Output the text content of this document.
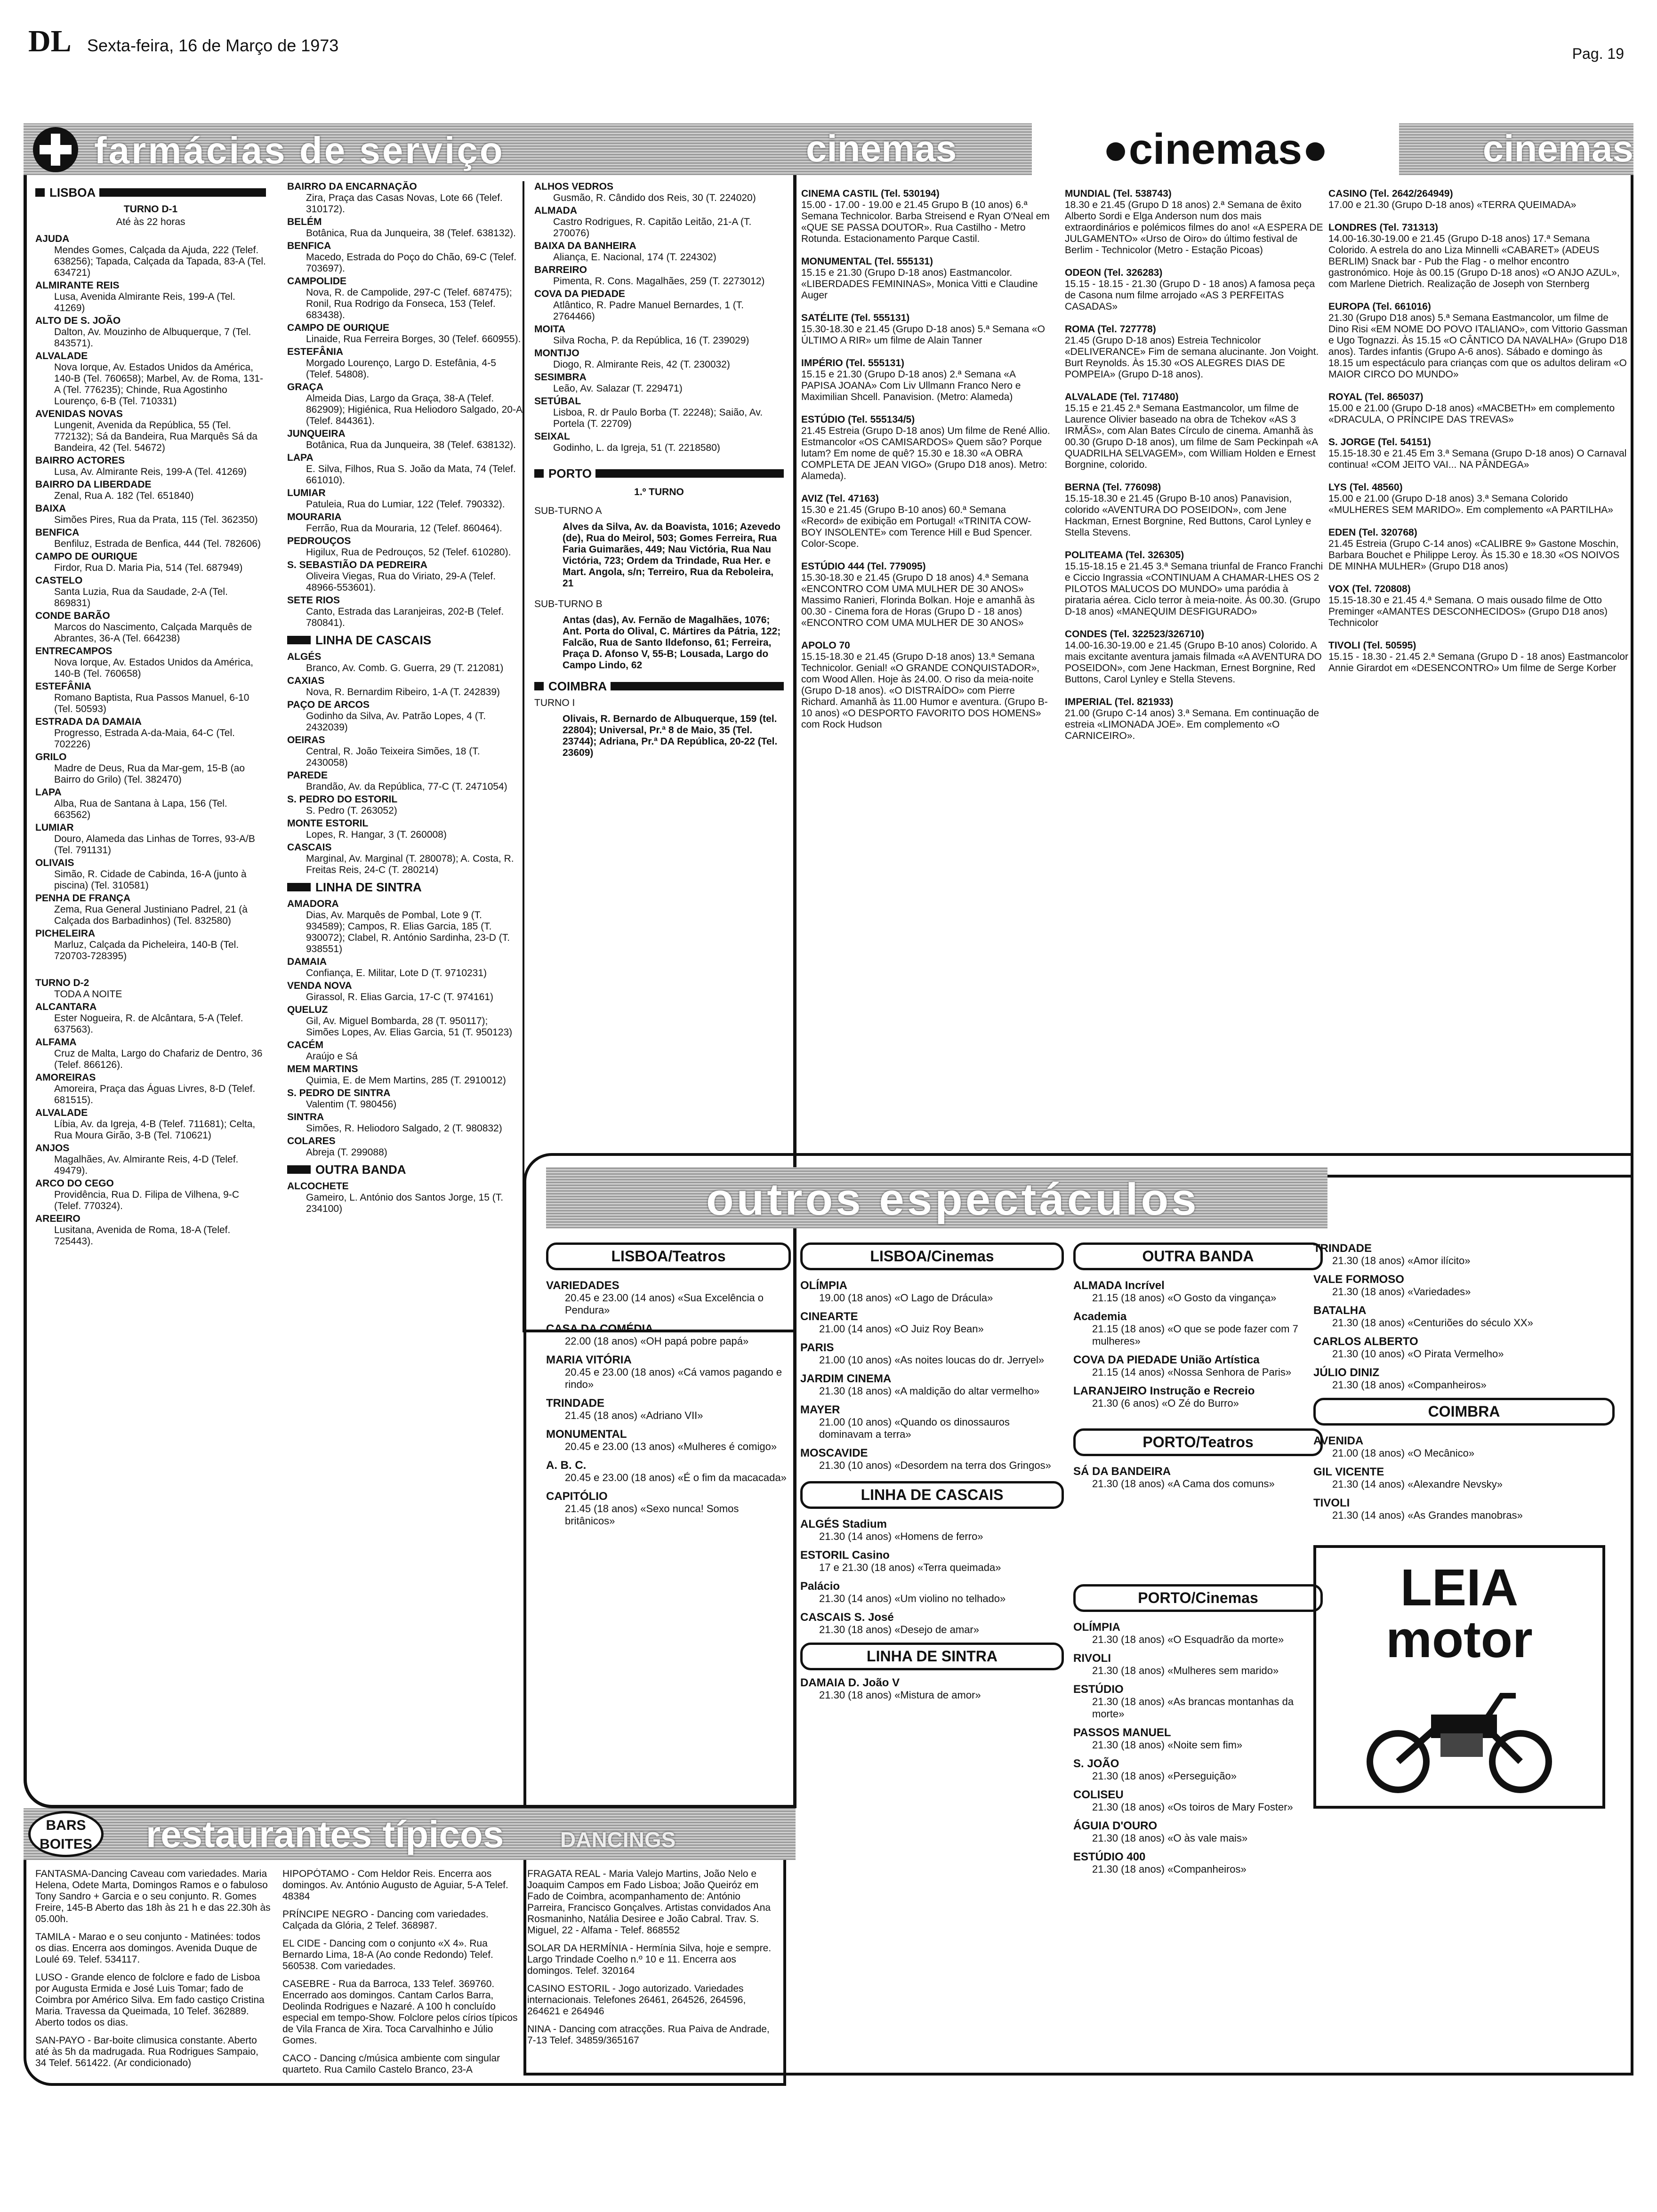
DL Sexta-feira, 16 de Março de 1973	Pag. 19
farmácias de serviço
LISBOA

TURNO D-1

Até às 22 horas

AJUDA

Mendes Gomes, Calçada da Ajuda, 222 (Telef. 638256); Tapada, Calçada da Tapada, 83-A (Tel. 634721)

ALMIRANTE REIS

Lusa, Avenida Almirante Reis, 199-A (Tel. 41269)

ALTO DE S. JOÃO

Dalton, Av. Mouzinho de Albuquerque, 7 (Tel. 843571).

ALVALADE

Nova Iorque, Av. Estados Unidos da América, 140-B (Tel. 760658); Marbel, Av. de Roma, 131-A (Tel. 776235); Chinde, Rua Agostinho Lourenço, 6-B (Tel. 710331)

AVENIDAS NOVAS

Lungenit, Avenida da República, 55 (Tel. 772132); Sá da Bandeira, Rua Marquês Sá da Bandeira, 42 (Tel. 54672)

BAIRRO ACTORES

Lusa, Av. Almirante Reis, 199-A (Tel. 41269)

BAIRRO DA LIBERDADE

Zenal, Rua A. 182 (Tel. 651840)

BAIXA

Simões Pires, Rua da Prata, 115 (Tel. 362350)

BENFICA

Benfiluz, Estrada de Benfica, 444 (Tel. 782606)

CAMPO DE OURIQUE

Firdor, Rua D. Maria Pia, 514 (Tel. 687949)

CASTELO

Santa Luzia, Rua da Saudade, 2-A (Tel. 869831)

CONDE BARÃO

Marcos do Nascimento, Calçada Marquês de Abrantes, 36-A (Tel. 664238)

ENTRECAMPOS

Nova Iorque, Av. Estados Unidos da América, 140-B (Tel. 760658)

ESTEFÂNIA

Romano Baptista, Rua Passos Manuel, 6-10 (Tel. 50593)

ESTRADA DA DAMAIA

Progresso, Estrada A-da-Maia, 64-C (Tel. 702226)

GRILO

Madre de Deus, Rua da Mar-gem, 15-B (ao Bairro do Grilo) (Tel. 382470)

LAPA

Alba, Rua de Santana à Lapa, 156 (Tel. 663562)

LUMIAR

Douro, Alameda das Linhas de Torres, 93-A/B (Tel. 791131)

OLIVAIS

Simão, R. Cidade de Cabinda, 16-A (junto à piscina) (Tel. 310581)

PENHA DE FRANÇA

Zema, Rua General Justiniano Padrel, 21 (à Calçada dos Barbadinhos) (Tel. 832580)

PICHELEIRA

Marluz, Calçada da Picheleira, 140-B (Tel. 720703-728395)

TURNO D-2

TODA A NOITE

ALCANTARA

Ester Nogueira, R. de Alcântara, 5-A (Telef. 637563).

ALFAMA

Cruz de Malta, Largo do Chafariz de Dentro, 36 (Telef. 866126).

AMOREIRAS

Amoreira, Praça das Águas Livres, 8-D (Telef. 681515).

ALVALADE

Líbia, Av. da Igreja, 4-B (Telef. 711681); Celta, Rua Moura Girão, 3-B (Tel. 710621)

ANJOS

Magalhães, Av. Almirante Reis, 4-D (Telef. 49479).

ARCO DO CEGO

Providência, Rua D. Filipa de Vilhena, 9-C (Telef. 770324).

AREEIRO

Lusitana, Avenida de Roma, 18-A (Telef. 725443).

BAIRRO DA ENCARNAÇÃO

Zira, Praça das Casas Novas, Lote 66 (Telef. 310172).

BELÉM

Botânica, Rua da Junqueira, 38 (Telef. 638132).

BENFICA

Macedo, Estrada do Poço do Chão, 69-C (Telef. 703697).

CAMPOLIDE

Nova, R. de Campolide, 297-C (Telef. 687475); Ronil, Rua Rodrigo da Fonseca, 153 (Telef. 683438).

CAMPO DE OURIQUE

Linaide, Rua Ferreira Borges, 30 (Telef. 660955).

ESTEFÂNIA

Morgado Lourenço, Largo D. Estefânia, 4-5 (Telef. 54808).

GRAÇA

Almeida Dias, Largo da Graça, 38-A (Telef. 862909); Higiénica, Rua Heliodoro Salgado, 20-A (Telef. 844361).

JUNQUEIRA

Botânica, Rua da Junqueira, 38 (Telef. 638132).

LAPA

E. Silva, Filhos, Rua S. João da Mata, 74 (Telef. 661010).

LUMIAR

Patuleia, Rua do Lumiar, 122 (Telef. 790332).

MOURARIA

Ferrão, Rua da Mouraria, 12 (Telef. 860464).

PEDROUÇOS

Higilux, Rua de Pedrouços, 52 (Telef. 610280).

S. SEBASTIÃO DA PEDREIRA

Oliveira Viegas, Rua do Viriato, 29-A (Telef. 48966-553601).

SETE RIOS

Canto, Estrada das Laranjeiras, 202-B (Telef. 780841).

LINHA DE CASCAIS

ALGÉS

Branco, Av. Comb. G. Guerra, 29 (T. 212081)

CAXIAS

Nova, R. Bernardim Ribeiro, 1-A (T. 242839)

PAÇO DE ARCOS

Godinho da Silva, Av. Patrão Lopes, 4 (T. 2432039)

OEIRAS

Central, R. João Teixeira Simões, 18 (T. 2430058)

PAREDE

Brandão, Av. da República, 77-C (T. 2471054)

S. PEDRO DO ESTORIL

S. Pedro (T. 263052)

MONTE ESTORIL

Lopes, R. Hangar, 3 (T. 260008)

CASCAIS

Marginal, Av. Marginal (T. 280078); A. Costa, R. Freitas Reis, 24-C (T. 280214)

LINHA DE SINTRA

AMADORA

Dias, Av. Marquês de Pombal, Lote 9 (T. 934589); Campos, R. Elias Garcia, 185 (T. 930072); Clabel, R. António Sardinha, 23-D (T. 938551)

DAMAIA

Confiança, E. Militar, Lote D (T. 9710231)

VENDA NOVA

Girassol, R. Elias Garcia, 17-C (T. 974161)

QUELUZ

Gil, Av. Miguel Bombarda, 28 (T. 950117); Simões Lopes, Av. Elias Garcia, 51 (T. 950123)

CACÉM

Araújo e Sá

MEM MARTINS

Quimia, E. de Mem Martins, 285 (T. 2910012)

S. PEDRO DE SINTRA

Valentim (T. 980456)

SINTRA

Simões, R. Heliodoro Salgado, 2 (T. 980832)

COLARES

Abreja (T. 299088)

OUTRA BANDA

ALCOCHETE

Gameiro, L. António dos Santos Jorge, 15 (T. 234100)

ALHOS VEDROS

Gusmão, R. Cândido dos Reis, 30 (T. 224020)

ALMADA

Castro Rodrigues, R. Capitão Leitão, 21-A (T. 270076)

BAIXA DA BANHEIRA

Aliança, E. Nacional, 174 (T. 224302)

BARREIRO

Pimenta, R. Cons. Magalhães, 259 (T. 2273012)

COVA DA PIEDADE

Atlântico, R. Padre Manuel Bernardes, 1 (T. 2764466)

MOITA

Silva Rocha, P. da República, 16 (T. 239029)

MONTIJO

Diogo, R. Almirante Reis, 42 (T. 230032)

SESIMBRA

Leão, Av. Salazar (T. 229471)

SETÚBAL

Lisboa, R. dr Paulo Borba (T. 22248); Saião, Av. Portela (T. 22709)

SEIXAL

Godinho, L. da Igreja, 51 (T. 2218580)

PORTO

1.º TURNO

SUB-TURNO A

Alves da Silva, Av. da Boavista, 1016; Azevedo (de), Rua do Meirol, 503; Gomes Ferreira, Rua Faria Guimarães, 449; Nau Victória, Rua Nau Victória, 723; Ordem da Trindade, Rua Her. e Mart. Angola, s/n; Terreiro, Rua da Reboleira, 21

SUB-TURNO B

Antas (das), Av. Fernão de Magalhães, 1076; Ant. Porta do Olival, C. Mártires da Pátria, 122; Falcão, Rua de Santo Ildefonso, 61; Ferreira, Praça D. Afonso V, 55-B; Lousada, Largo do Campo Lindo, 62

COIMBRA

TURNO I

Olivais, R. Bernardo de Albuquerque, 159 (tel. 22804); Universal, Pr.ª 8 de Maio, 35 (Tel. 23744); Adriana, Pr.ª DA República, 20-22 (Tel. 23609)

cinemas	cinemas
●cinemas●

CINEMA CASTIL (Tel. 530194)

15.00 - 17.00 - 19.00 e 21.45 Grupo B (10 anos) 6.ª Semana Technicolor. Barba Streisend e Ryan O'Neal em «QUE SE PASSA DOUTOR». Rua Castilho - Metro Rotunda. Estacionamento Parque Castil.

MONUMENTAL (Tel. 555131)

15.15 e 21.30 (Grupo D-18 anos) Eastmancolor. «LIBERDADES FEMININAS», Monica Vitti e Claudine Auger

SATÉLITE (Tel. 555131)

15.30-18.30 e 21.45 (Grupo D-18 anos) 5.ª Semana «O ÚLTIMO A RIR» um filme de Alain Tanner

IMPÉRIO (Tel. 555131)

15.15 e 21.30 (Grupo D-18 anos) 2.ª Semana «A PAPISA JOANA» Com Liv Ullmann Franco Nero e Maximilian Shcell. Panavision. (Metro: Alameda)

ESTÚDIO (Tel. 555134/5)

21.45 Estreia (Grupo D-18 anos) Um filme de René Allio. Estmancolor «OS CAMISARDOS» Quem são? Porque lutam? Em nome de quê? 15.30 e 18.30 «A OBRA COMPLETA DE JEAN VIGO» (Grupo D18 anos). Metro: Alameda).

AVIZ (Tel. 47163)

15.30 e 21.45 (Grupo B-10 anos) 60.ª Semana «Record» de exibição em Portugal! «TRINITA COW-BOY INSOLENTE» com Terence Hill e Bud Spencer. Color-Scope.

ESTÚDIO 444 (Tel. 779095)

15.30-18.30 e 21.45 (Grupo D 18 anos) 4.ª Semana «ENCONTRO COM UMA MULHER DE 30 ANOS» Massimo Ranieri, Florinda Bolkan. Hoje e amanhã às 00.30 - Cinema fora de Horas (Grupo D - 18 anos) «ENCONTRO COM UMA MULHER DE 30 ANOS»

APOLO 70

15.15-18.30 e 21.45 (Grupo D-18 anos) 13.ª Semana Technicolor. Genial! «O GRANDE CONQUISTADOR», com Wood Allen. Hoje às 24.00. O riso da meia-noite (Grupo D-18 anos). «O DISTRAÍDO» com Pierre Richard. Amanhã às 11.00 Humor e aventura. (Grupo B-10 anos) «O DESPORTO FAVORITO DOS HOMENS» com Rock Hudson

MUNDIAL (Tel. 538743)

18.30 e 21.45 (Grupo D 18 anos) 2.ª Semana de êxito Alberto Sordi e Elga Anderson num dos mais extraordinários e polémicos filmes do ano! «A ESPERA DE JULGAMENTO» «Urso de Oiro» do último festival de Berlim - Technicolor (Metro - Estação Picoas)

ODEON (Tel. 326283)

15.15 - 18.15 - 21.30 (Grupo D - 18 anos) A famosa peça de Casona num filme arrojado «AS 3 PERFEITAS CASADAS»

ROMA (Tel. 727778)

21.45 (Grupo D-18 anos) Estreia Technicolor «DELIVERANCE» Fim de semana alucinante. Jon Voight. Burt Reynolds. Às 15.30 «OS ALEGRES DIAS DE POMPEIA» (Grupo D-18 anos).

ALVALADE (Tel. 717480)

15.15 e 21.45 2.ª Semana Eastmancolor, um filme de Laurence Olivier baseado na obra de Tchekov «AS 3 IRMÃS», com Alan Bates Círculo de cinema. Amanhã às 00.30 (Grupo D-18 anos), um filme de Sam Peckinpah «A QUADRILHA SELVAGEM», com William Holden e Ernest Borgnine, colorido.

BERNA (Tel. 776098)

15.15-18.30 e 21.45 (Grupo B-10 anos) Panavision, colorido «AVENTURA DO POSEIDON», com Jene Hackman, Ernest Borgnine, Red Buttons, Carol Lynley e Stella Stevens.

POLITEAMA (Tel. 326305)

15.15-18.15 e 21.45 3.ª Semana triunfal de Franco Franchi e Ciccio Ingrassia «CONTINUAM A CHAMAR-LHES OS 2 PILOTOS MALUCOS DO MUNDO» uma paródia à pirataria aérea. Ciclo terror à meia-noite. Às 00.30. (Grupo D-18 anos) «MANEQUIM DESFIGURADO»

CONDES (Tel. 322523/326710)

14.00-16.30-19.00 e 21.45 (Grupo B-10 anos) Colorido. A mais excitante aventura jamais filmada «A AVENTURA DO POSEIDON», com Jene Hackman, Ernest Borgnine, Red Buttons, Carol Lynley e Stella Stevens.

IMPERIAL (Tel. 821933)

21.00 (Grupo C-14 anos) 3.ª Semana. Em continuação de estreia «LIMONADA JOE». Em complemento «O CARNICEIRO».

CASINO (Tel. 2642/264949)

17.00 e 21.30 (Grupo D-18 anos) «TERRA QUEIMADA»

LONDRES (Tel. 731313)

14.00-16.30-19.00 e 21.45 (Grupo D-18 anos) 17.ª Semana Colorido. A estrela do ano Liza Minnelli «CABARET» (ADEUS BERLIM) Snack bar - Pub the Flag - o melhor encontro gastronómico. Hoje às 00.15 (Grupo D-18 anos) «O ANJO AZUL», com Marlene Dietrich. Realização de Joseph von Sternberg

EUROPA (Tel. 661016)

21.30 (Grupo D18 anos) 5.ª Semana Eastmancolor, um filme de Dino Risi «EM NOME DO POVO ITALIANO», com Vittorio Gassman e Ugo Tognazzi. Às 15.15 «O CÂNTICO DA NAVALHA» (Grupo D18 anos). Tardes infantis (Grupo A-6 anos). Sábado e domingo às 18.15 um espectáculo para crianças com que os adultos deliram «O MAIOR CIRCO DO MUNDO»

ROYAL (Tel. 865037)

15.00 e 21.00 (Grupo D-18 anos) «MACBETH» em complemento «DRACULA, O PRÍNCIPE DAS TREVAS»

S. JORGE (Tel. 54151)

15.15-18.30 e 21.45 Em 3.ª Semana (Grupo D-18 anos) O Carnaval continua! «COM JEITO VAI... NA PÂNDEGA»

LYS (Tel. 48560)

15.00 e 21.00 (Grupo D-18 anos) 3.ª Semana Colorido «MULHERES SEM MARIDO». Em complemento «A PARTILHA»

EDEN (Tel. 320768)

21.45 Estreia (Grupo C-14 anos) «CALIBRE 9» Gastone Moschin, Barbara Bouchet e Philippe Leroy. Às 15.30 e 18.30 «OS NOIVOS DE MINHA MULHER» (Grupo D18 anos)

VOX (Tel. 720808)

15.15-18.30 e 21.45 4.ª Semana. O mais ousado filme de Otto Preminger «AMANTES DESCONHECIDOS» (Grupo D18 anos) Technicolor

TIVOLI (Tel. 50595)

15.15 - 18.30 - 21.45 2.ª Semana (Grupo D - 18 anos) Eastmancolor Annie Girardot em «DESENCONTRO» Um filme de Serge Korber

outros espectáculos
LISBOA/Teatros
VARIEDADES
20.45 e 23.00 (14 anos) «Sua Excelência o Pendura»
CASA DA COMÉDIA
22.00 (18 anos) «OH papá pobre papá»
MARIA VITÓRIA
20.45 e 23.00 (18 anos) «Cá vamos pagando e rindo»
TRINDADE
21.45 (18 anos) «Adriano VII»
MONUMENTAL
20.45 e 23.00 (13 anos) «Mulheres é comigo»
A. B. C.
20.45 e 23.00 (18 anos) «É o fim da macacada»
CAPITÓLIO
21.45 (18 anos) «Sexo nunca! Somos britânicos»
LISBOA/Cinemas
OLÍMPIA
19.00 (18 anos) «O Lago de Drácula»
CINEARTE
21.00 (14 anos) «O Juiz Roy Bean»
PARIS
21.00 (10 anos) «As noites loucas do dr. Jerryel»
JARDIM CINEMA
21.30 (18 anos) «A maldição do altar vermelho»
MAYER
21.00 (10 anos) «Quando os dinossauros dominavam a terra»
MOSCAVIDE
21.30 (10 anos) «Desordem na terra dos Gringos»
LINHA DE CASCAIS
ALGÉS Stadium
21.30 (14 anos) «Homens de ferro»
ESTORIL Casino
17 e 21.30 (18 anos) «Terra queimada»
Palácio
21.30 (14 anos) «Um violino no telhado»
CASCAIS S. José
21.30 (18 anos) «Desejo de amar»
LINHA DE SINTRA
DAMAIA D. João V
21.30 (18 anos) «Mistura de amor»
OUTRA BANDA
ALMADA Incrível
21.15 (18 anos) «O Gosto da vingança»
Academia
21.15 (18 anos) «O que se pode fazer com 7 mulheres»
COVA DA PIEDADE União Artística
21.15 (14 anos) «Nossa Senhora de Paris»
LARANJEIRO Instrução e Recreio
21.30 (6 anos) «O Zé do Burro»
PORTO/Teatros
SÁ DA BANDEIRA
21.30 (18 anos) «A Cama dos comuns»
PORTO/Cinemas
OLÍMPIA
21.30 (18 anos) «O Esquadrão da morte»
RIVOLI
21.30 (18 anos) «Mulheres sem marido»
ESTÚDIO
21.30 (18 anos) «As brancas montanhas da morte»
PASSOS MANUEL
21.30 (18 anos) «Noite sem fim»
S. JOÃO
21.30 (18 anos) «Perseguição»
COLISEU
21.30 (18 anos) «Os toiros de Mary Foster»
ÁGUIA D'OURO
21.30 (18 anos) «O às vale mais»
ESTÚDIO 400
21.30 (18 anos) «Companheiros»
TRINDADE
21.30 (18 anos) «Amor ilícito»
VALE FORMOSO
21.30 (18 anos) «Variedades»
BATALHA
21.30 (18 anos) «Centuriões do século XX»
CARLOS ALBERTO
21.30 (10 anos) «O Pirata Vermelho»
JÚLIO DINIZ
21.30 (18 anos) «Companheiros»
COIMBRA
AVENIDA
21.00 (18 anos) «O Mecânico»
GIL VICENTE
21.30 (14 anos) «Alexandre Nevsky»
TIVOLI
21.30 (14 anos) «As Grandes manobras»
LEIA
motor
BARS
BOITES restaurantes típicos	DANCINGS

FANTASMA-Dancing Caveau com variedades. Maria Helena, Odete Marta, Domingos Ramos e o fabuloso Tony Sandro + Garcia e o seu conjunto. R. Gomes Freire, 145-B Aberto das 18h às 21 h e das 22.30h às 05.00h.

TAMILA - Marao e o seu conjunto - Matinées: todos os dias. Encerra aos domingos. Avenida Duque de Loulé 69. Telef. 534117.

LUSO - Grande elenco de folclore e fado de Lisboa por Augusta Ermida e José Luis Tomar; fado de Coimbra por Américo Silva. Em fado castiço Cristina Maria. Travessa da Queimada, 10 Telef. 362889. Aberto todos os dias.

SAN-PAYO - Bar-boite climusica constante. Aberto até às 5h da madrugada. Rua Rodrigues Sampaio, 34 Telef. 561422. (Ar condicionado)

HIPOPÓTAMO - Com Heldor Reis. Encerra aos domingos. Av. António Augusto de Aguiar, 5-A Telef. 48384

PRÍNCIPE NEGRO - Dancing com variedades. Calçada da Glória, 2 Telef. 368987.

EL CIDE - Dancing com o conjunto «X 4». Rua Bernardo Lima, 18-A (Ao conde Redondo) Telef. 560538. Com variedades.

CASEBRE - Rua da Barroca, 133 Telef. 369760. Encerrado aos domingos. Cantam Carlos Barra, Deolinda Rodrigues e Nazaré. A 100 h concluído especial em tempo-Show. Folclore pelos círios típicos de Vila Franca de Xira. Toca Carvalhinho e Júlio Gomes.

CACO - Dancing c/música ambiente com singular quarteto. Rua Camilo Castelo Branco, 23-A

FRAGATA REAL - Maria Valejo Martins, João Nelo e Joaquim Campos em Fado Lisboa; João Queiróz em Fado de Coimbra, acompanhamento de: António Parreira, Francisco Gonçalves. Artistas convidados Ana Rosmaninho, Natália Desiree e João Cabral. Trav. S. Miguel, 22 - Alfama - Telef. 868552

SOLAR DA HERMÍNIA - Hermínia Silva, hoje e sempre. Largo Trindade Coelho n.º 10 e 11. Encerra aos domingos. Telef. 320164

CASINO ESTORIL - Jogo autorizado. Variedades internacionais. Telefones 26461, 264526, 264596, 264621 e 264946

NINA - Dancing com atracções. Rua Paiva de Andrade, 7-13 Telef. 34859/365167
